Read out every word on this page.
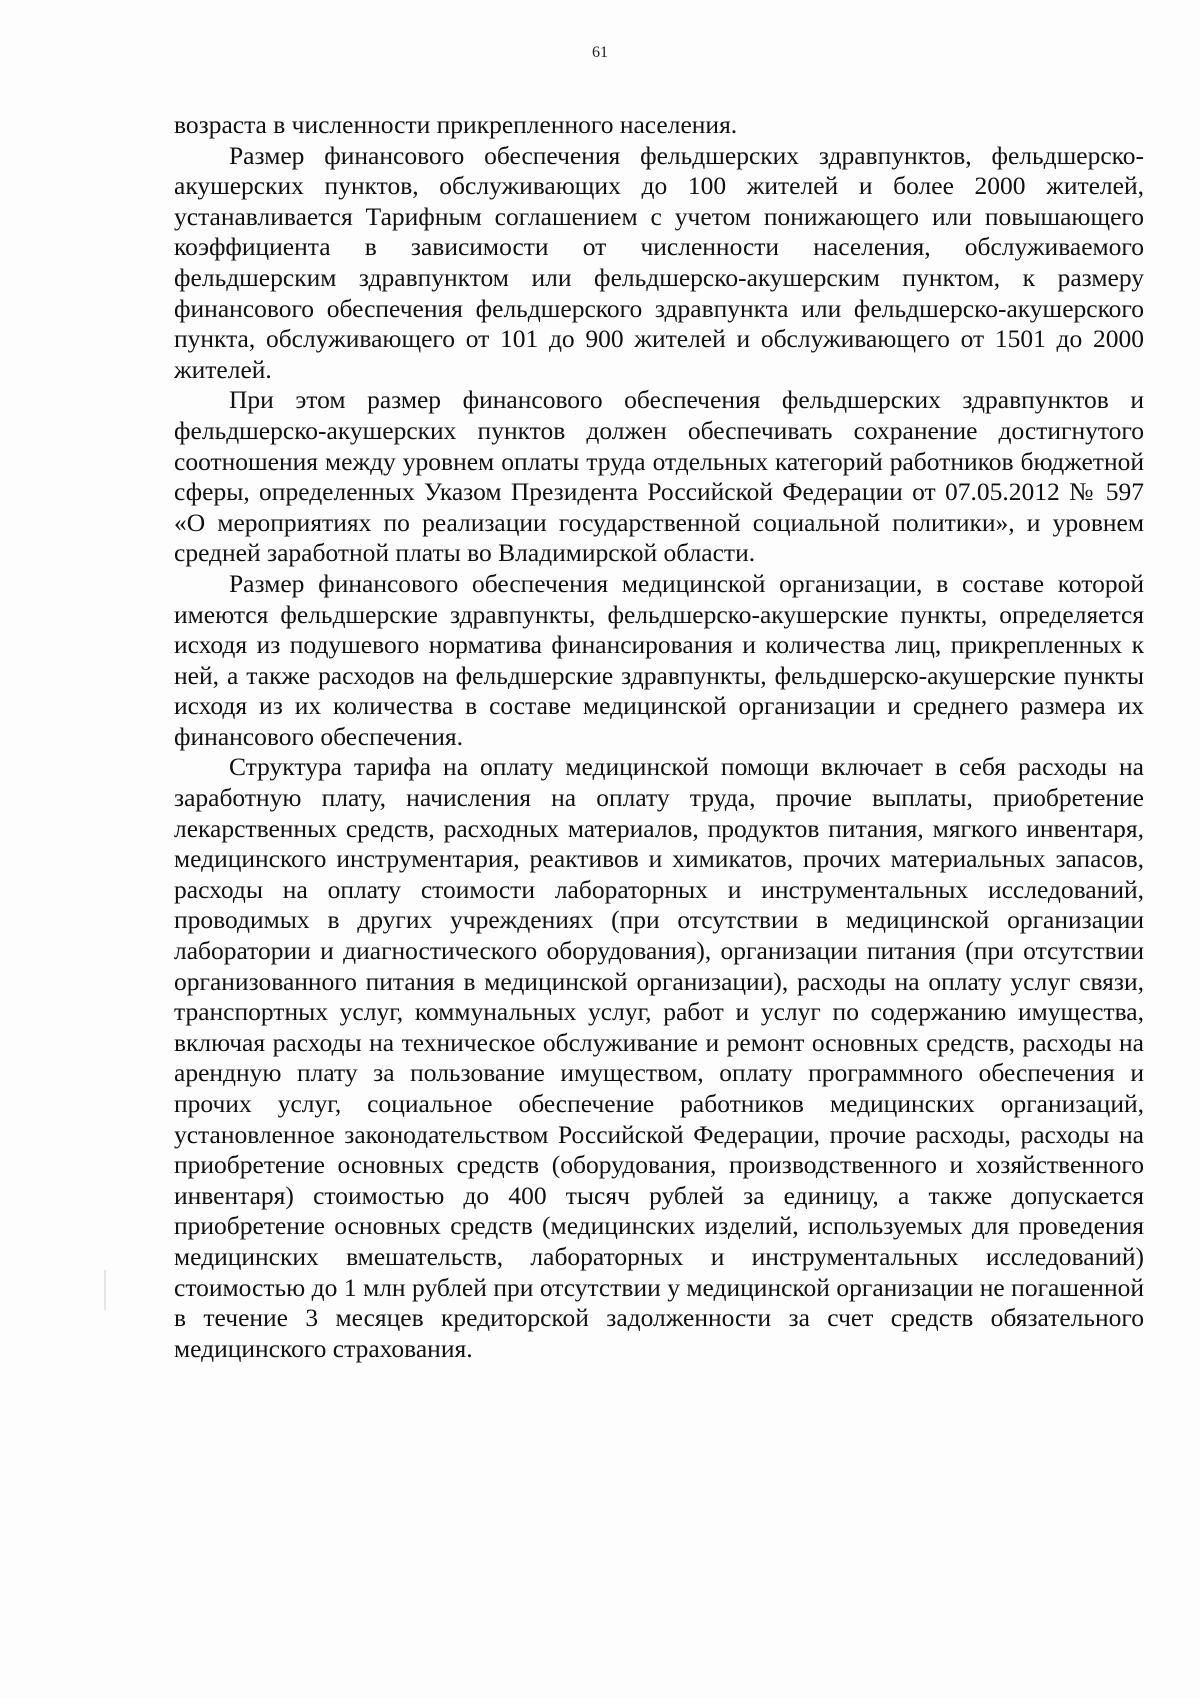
61

возраста в численности прикрепленного населения.

Размер финансового обеспечения фельдшерских здравпунктов, фельдшерско-акушерских пунктов, обслуживающих до 100 жителей и более 2000 жителей, устанавливается Тарифным соглашением с учетом понижающего или повышающего коэффициента в зависимости от численности населения, обслуживаемого фельдшерским здравпунктом или фельдшерско-акушерским пунктом, к размеру финансового обеспечения фельдшерского здравпункта или фельдшерско-акушерского пункта, обслуживающего от 101 до 900 жителей и обслуживающего от 1501 до 2000 жителей.

При этом размер финансового обеспечения фельдшерских здравпунктов и фельдшерско-акушерских пунктов должен обеспечивать сохранение достигнутого соотношения между уровнем оплаты труда отдельных категорий работников бюджетной сферы, определенных Указом Президента Российской Федерации от 07.05.2012 № 597 «О мероприятиях по реализации государственной социальной политики», и уровнем средней заработной платы во Владимирской области.

Размер финансового обеспечения медицинской организации, в составе которой имеются фельдшерские здравпункты, фельдшерско-акушерские пункты, определяется исходя из подушевого норматива финансирования и количества лиц, прикрепленных к ней, а также расходов на фельдшерские здравпункты, фельдшерско-акушерские пункты исходя из их количества в составе медицинской организации и среднего размера их финансового обеспечения.

Структура тарифа на оплату медицинской помощи включает в себя расходы на заработную плату, начисления на оплату труда, прочие выплаты, приобретение лекарственных средств, расходных материалов, продуктов питания, мягкого инвентаря, медицинского инструментария, реактивов и химикатов, прочих материальных запасов, расходы на оплату стоимости лабораторных и инструментальных исследований, проводимых в других учреждениях (при отсутствии в медицинской организации лаборатории и диагностического оборудования), организации питания (при отсутствии организованного питания в медицинской организации), расходы на оплату услуг связи, транспортных услуг, коммунальных услуг, работ и услуг по содержанию имущества, включая расходы на техническое обслуживание и ремонт основных средств, расходы на арендную плату за пользование имуществом, оплату программного обеспечения и прочих услуг, социальное обеспечение работников медицинских организаций, установленное законодательством Российской Федерации, прочие расходы, расходы на приобретение основных средств (оборудования, производственного и хозяйственного инвентаря) стоимостью до 400 тысяч рублей за единицу, а также допускается приобретение основных средств (медицинских изделий, используемых для проведения медицинских вмешательств, лабораторных и инструментальных исследований) стоимостью до 1 млн рублей при отсутствии у медицинской организации не погашенной в течение 3 месяцев кредиторской задолженности за счет средств обязательного медицинского страхования.
